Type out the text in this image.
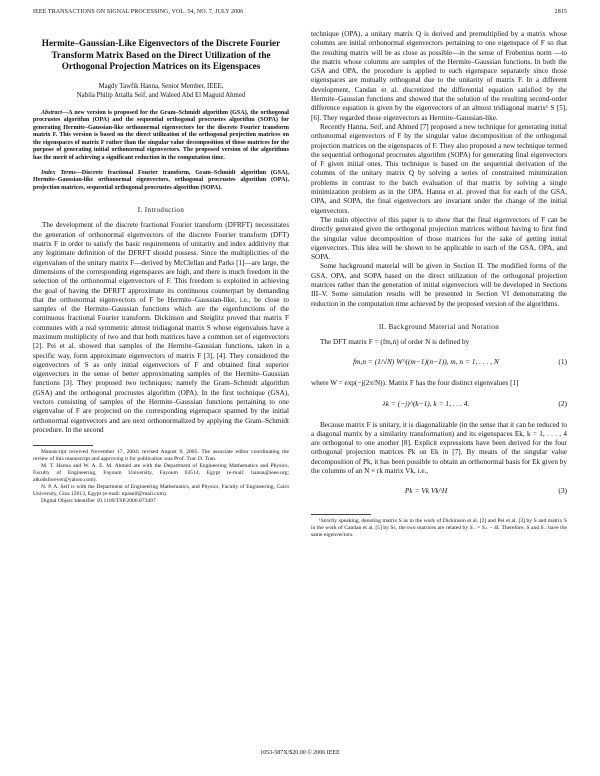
IEEE TRANSACTIONS ON SIGNAL PROCESSING, VOL. 54, NO. 7, JULY 2006	2815
Hermite–Gaussian-Like Eigenvectors of the Discrete Fourier Transform Matrix Based on the Direct Utilization of the Orthogonal Projection Matrices on its Eigenspaces
Magdy Tawfik Hanna, Senior Member, IEEE,
Nabila Philip Attalla Seif, and Waleed Abd El Maguid Ahmed
Abstract—A new version is proposed for the Gram–Schmidt algorithm (GSA), the orthogonal procrustes algorithm (OPA) and the sequential orthogonal procrustes algorithm (SOPA) for generating Hermite–Gaussian-like orthonormal eigenvectors for the discrete Fourier transform matrix F. This version is based on the direct utilization of the orthogonal projection matrices on the eigenspaces of matrix F rather than the singular value decomposition of those matrices for the purpose of generating initial orthonormal eigenvectors. The proposed version of the algorithms has the merit of achieving a significant reduction in the computation time.
Index Terms—Discrete fractional Fourier transform, Gram–Schmidt algorithm (GSA), Hermite–Gaussian-like orthonormal eigenvectors, orthogonal procrustes algorithm (OPA), projection matrices, sequential orthogonal procrustes algorithm (SOPA).
I. Introduction

The development of the discrete fractional Fourier transform (DFRFT) necessitates the generation of orthonormal eigenvectors of the discrete Fourier transform (DFT) matrix F in order to satisfy the basic requirements of unitarity and index additivity that any legitimate definition of the DFRFT should possess. Since the multiplicities of the eigenvalues of the unitary matrix F—derived by McClellan and Parks [1]—are large, the dimensions of the corresponding eigenspaces are high, and there is much freedom in the selection of the orthonormal eigenvectors of F. This freedom is exploited in achieving the goal of having the DFRFT approximate its continuous counterpart by demanding that the orthonormal eigenvectors of F be Hermite–Gaussian-like, i.e., be close to samples of the Hermite–Gaussian functions which are the eigenfunctions of the continuous fractional Fourier transform. Dickinson and Steiglitz proved that matrix F commutes with a real symmetric almost tridiagonal matrix S whose eigenvalues have a maximum multiplicity of two and that both matrices have a common set of eigenvectors [2]. Pei et al. showed that samples of the Hermite–Gaussian functions, taken in a specific way, form approximate eigenvectors of matrix F [3], [4]. They considered the eigenvectors of S as only initial eigenvectors of F and obtained final superior eigenvectors in the sense of better approximating samples of the Hermite–Gaussian functions [3]. They proposed two techniques; namely the Gram–Schmidt algorithm (GSA) and the orthogonal procrustes algorithm (OPA). In the first technique (GSA), vectors consisting of samples of the Hermite–Gaussian functions pertaining to one eigenvalue of F are projected on the corresponding eigenspace spanned by the initial orthonormal eigenvectors and are next orthonormalized by applying the Gram–Schmidt procedure. In the second

Manuscript received November 17, 2004; revised August 8, 2005. The associate editor coordinating the review of this manuscript and approving it for publication was Prof. Trac D. Tran.

M. T. Hanna and W. A. E. M. Ahmed are with the Department of Engineering Mathematics and Physics, Faculty of Engineering, Fayoum University, Fayoum 63514, Egypt (e-mail: hanna@ieee.org; alkodsforever@yahoo.com).

N. P. A. Seif is with the Department of Engineering Mathematics, and Physics, Faculty of Engineering, Cairo University, Giza 12613, Egypt (e-mail: npaseif@mail.com).

Digital Object Identifier 10.1109/TSP.2006.873497

technique (OPA), a unitary matrix Q is derived and premultiplied by a matrix whose columns are initial orthonormal eigenvectors pertaining to one eigenspace of F so that the resulting matrix will be as close as possible—in the sense of Frobenius norm —to the matrix whose columns are samples of the Hermite–Gaussian functions. In both the GSA and OPA, the procedure is applied to each eigenspace separately since those eigenspaces are mutually orthogonal due to the unitarity of matrix F. In a different development, Candan et al. discretized the differential equation satisfied by the Hermite–Gaussian functions and showed that the solution of the resulting second-order difference equation is given by the eigenvectors of an almost tridiagonal matrix¹ S [5], [6]. They regarded those eigenvectors as Hermite–Gaussian-like.

Recently Hanna, Seif, and Ahmed [7] proposed a new technique for generating initial orthonormal eigenvectors of F by the singular value decomposition of the orthogonal projection matrices on the eigenspaces of F. They also proposed a new technique termed the sequential orthogonal procrustes algorithm (SOPA) for generating final eigenvectors of F given initial ones. This technique is based on the sequential derivation of the columns of the unitary matrix Q by solving a series of constrained minimization problems in contrast to the batch evaluation of that matrix by solving a single minimization problem as in the OPA. Hanna et al. proved that for each of the GSA, OPA, and SOPA, the final eigenvectors are invariant under the change of the initial eigenvectors.

The main objective of this paper is to show that the final eigenvectors of F can be directly generated given the orthogonal projection matrices without having to first find the singular value decomposition of those matrices for the sake of getting initial eigenvectors. This idea will be shown to be applicable to each of the GSA, OPA, and SOPA.

Some background material will be given in Section II. The modified forms of the GSA, OPA, and SOPA based on the direct utilization of the orthogonal projection matrices rather than the generation of initial eigenvectors will be developed in Sections III–V. Some simulation results will be presented in Section VI demonstrating the reduction in the computation time achieved by the proposed version of the algorithms.

II. Background Material and Notation

The DFT matrix F = (fm,n) of order N is defined by

fm,n = (1/√N) W^((m−1)(n−1)), m, n = 1, . . . , N	(1)

where W = exp(−j(2π/N)). Matrix F has the four distinct eigenvalues [1]

λk = (−j)^(k−1), k = 1, . . . 4.	(2)

Because matrix F is unitary, it is diagonalizable (in the sense that it can be reduced to a diagonal matrix by a similarity transformation) and its eigenspaces Ek, k = 1, . . . , 4 are orthogonal to one another [8]. Explicit expressions have been derived for the four orthogonal projection matrices Pk on Ek in [7]. By means of the singular value decomposition of Pk, it has been possible to obtain an orthonormal basis for Ek given by the columns of an N × rk matrix Vk, i.e.,

Pk = Vk Vk^H	(3)

¹Strictly speaking, denoting matrix S as in the work of Dickinson et al. [2] and Pei et al. [3] by S and matrix S in the work of Candan et al. [5] by Sc, the two matrices are related by S₋ = S₊ − 4I. Therefore, S and S₋ have the same eigenvectors.

1053-587X/$20.00 © 2006 IEEE
